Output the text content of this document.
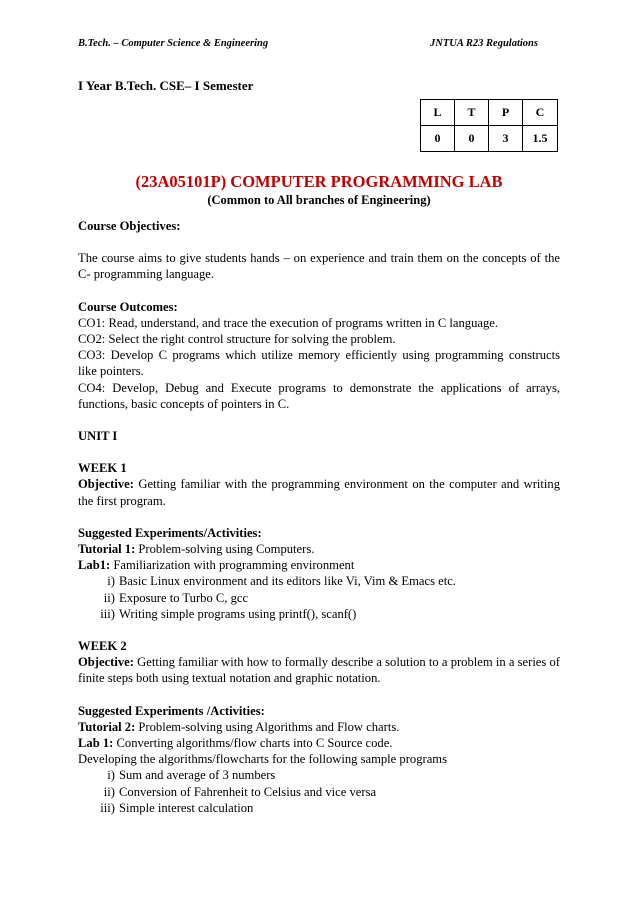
B.Tech. – Computer Science & Engineering	JNTUA R23 Regulations
I Year B.Tech. CSE– I Semester
L	T	P	C
0	0	3	1.5
(23A05101P) COMPUTER PROGRAMMING LAB
(Common to All branches of Engineering)

Course Objectives:

The course aims to give students hands – on experience and train them on the concepts of the C- programming language.

Course Outcomes:

CO1: Read, understand, and trace the execution of programs written in C language.

CO2: Select the right control structure for solving the problem.

CO3: Develop C programs which utilize memory efficiently using programming constructs like pointers.

CO4: Develop, Debug and Execute programs to demonstrate the applications of arrays, functions, basic concepts of pointers in C.

UNIT I

WEEK 1

Objective: Getting familiar with the programming environment on the computer and writing the first program.

Suggested Experiments/Activities:

Tutorial 1: Problem-solving using Computers.

Lab1: Familiarization with programming environment

i) Basic Linux environment and its editors like Vi, Vim & Emacs etc.
ii) Exposure to Turbo C, gcc
iii) Writing simple programs using printf(), scanf()

WEEK 2

Objective: Getting familiar with how to formally describe a solution to a problem in a series of finite steps both using textual notation and graphic notation.

Suggested Experiments /Activities:

Tutorial 2: Problem-solving using Algorithms and Flow charts.

Lab 1: Converting algorithms/flow charts into C Source code.

Developing the algorithms/flowcharts for the following sample programs

i) Sum and average of 3 numbers
ii) Conversion of Fahrenheit to Celsius and vice versa
iii) Simple interest calculation
